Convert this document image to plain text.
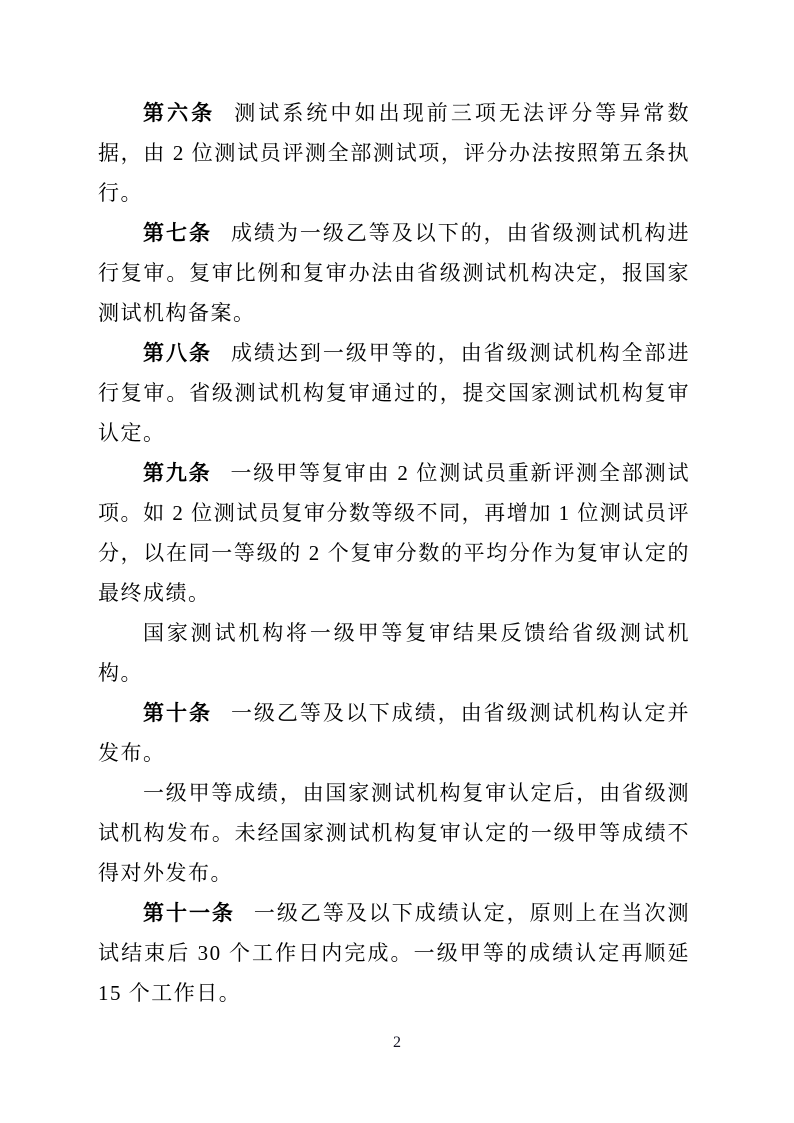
第六条 测试系统中如出现前三项无法评分等异常数据，由 2 位测试员评测全部测试项，评分办法按照第五条执行。

第七条 成绩为一级乙等及以下的，由省级测试机构进行复审。复审比例和复审办法由省级测试机构决定，报国家测试机构备案。

第八条 成绩达到一级甲等的，由省级测试机构全部进行复审。省级测试机构复审通过的，提交国家测试机构复审认定。

第九条 一级甲等复审由 2 位测试员重新评测全部测试项。如 2 位测试员复审分数等级不同，再增加 1 位测试员评分，以在同一等级的 2 个复审分数的平均分作为复审认定的最终成绩。

国家测试机构将一级甲等复审结果反馈给省级测试机构。

第十条 一级乙等及以下成绩，由省级测试机构认定并发布。

一级甲等成绩，由国家测试机构复审认定后，由省级测试机构发布。未经国家测试机构复审认定的一级甲等成绩不得对外发布。

第十一条 一级乙等及以下成绩认定，原则上在当次测试结束后 30 个工作日内完成。一级甲等的成绩认定再顺延 15 个工作日。

2
